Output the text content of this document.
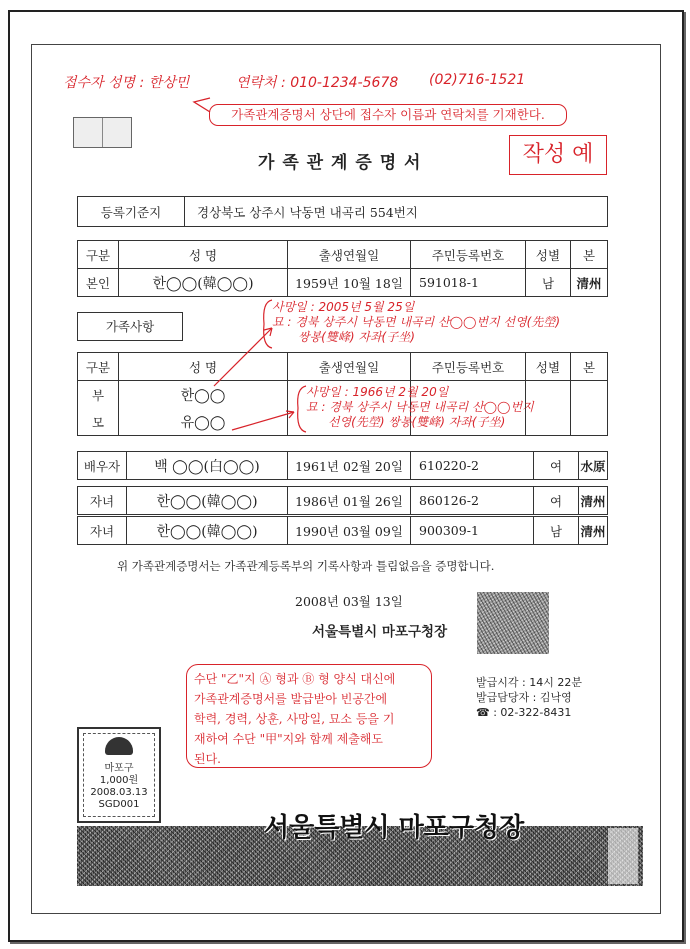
접수자 성명 : 한상민	연락처 : 010-1234-5678 (02)716-1521
가족관계증명서 상단에 접수자 이름과 연락처를 기재한다.
가 족 관 계 증 명 서	작성 예
등록기준지	경상북도 상주시 낙동면 내곡리 554번지
구분	성 명	출생연월일	주민등록번호	성별	본
본인	한◯◯(韓◯◯)	1959년 10월 18일	591018-1	남	清州
가족사항
사망일 : 2005년 5월 25일
묘 : 경북 상주시 낙동면 내곡리 산◯◯번지 선영(先塋)
쌍봉(雙峰) 자좌(子坐)
구분	성 명	출생연월일	주민등록번호	성별	본
부	한◯◯				
모	유◯◯				
사망일 : 1966년 2월 20일
묘 : 경북 상주시 낙동면 내곡리 산◯◯번지
선영(先塋) 쌍봉(雙峰) 자좌(子坐)
배우자	백 ◯◯(白◯◯)	1961년 02월 20일	610220-2	여	水原
자녀	한◯◯(韓◯◯)	1986년 01월 26일	860126-2	여	清州
자녀	한◯◯(韓◯◯)	1990년 03월 09일	900309-1	남	清州
위 가족관계증명서는 가족관계등록부의 기록사항과 틀림없음을 증명합니다.
2008년 03월 13일
서울특별시 마포구청장
수단 "乙"지 Ⓐ 형과 Ⓑ 형 양식 대신에
가족관계증명서를 발급받아 빈공간에
학력, 경력, 상훈, 사망일, 묘소 등을 기
재하여 수단 "甲"지와 함께 제출해도
된다.
발급시각 : 14시 22분
발급담당자 : 김낙영
☎ : 02-322-8431
마포구
1,000원
2008.03.13
SGD001
서울특별시 마포구청장
